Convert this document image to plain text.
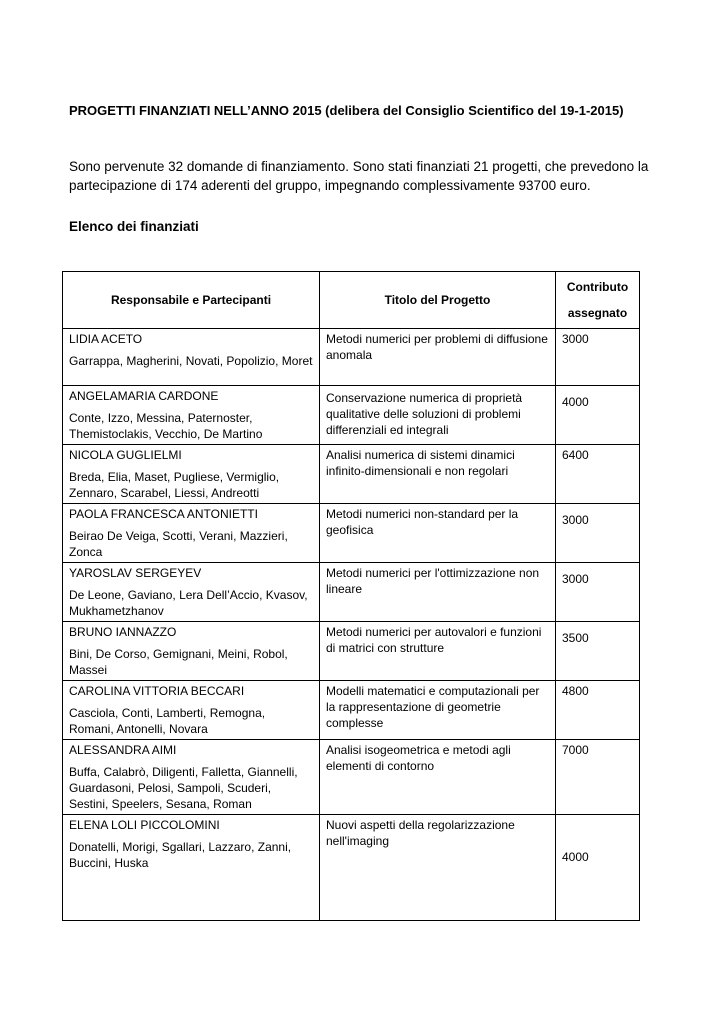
PROGETTI FINANZIATI NELL’ANNO 2015 (delibera del Consiglio Scientifico del 19-1-2015)
Sono pervenute 32 domande di finanziamento. Sono stati finanziati 21 progetti, che prevedono la partecipazione di 174 aderenti del gruppo, impegnando complessivamente 93700 euro.
Elenco dei finanziati
Responsabile e Partecipanti	Titolo del Progetto	Contributo assegnato

LIDIA ACETO
Garrappa, Magherini, Novati, Popolizio, Moret	Metodi numerici per problemi di diffusione anomala	3000

ANGELAMARIA CARDONE
Conte, Izzo, Messina, Paternoster, Themistoclakis, Vecchio, De Martino	Conservazione numerica di proprietà qualitative delle soluzioni di problemi differenziali ed integrali	4000

NICOLA GUGLIELMI
Breda, Elia, Maset, Pugliese, Vermiglio, Zennaro, Scarabel, Liessi, Andreotti	Analisi numerica di sistemi dinamici infinito-dimensionali e non regolari	6400

PAOLA FRANCESCA ANTONIETTI
Beirao De Veiga, Scotti, Verani, Mazzieri, Zonca	Metodi numerici non-standard per la geofisica	3000

YAROSLAV SERGEYEV
De Leone, Gaviano, Lera Dell’Accio, Kvasov, Mukhametzhanov	Metodi numerici per l'ottimizzazione non lineare	3000

BRUNO IANNAZZO
Bini, De Corso, Gemignani, Meini, Robol, Massei	Metodi numerici per autovalori e funzioni di matrici con strutture	3500

CAROLINA VITTORIA BECCARI
Casciola, Conti, Lamberti, Remogna, Romani, Antonelli, Novara	Modelli matematici e computazionali per la rappresentazione di geometrie complesse	4800

ALESSANDRA AIMI
Buffa, Calabrò, Diligenti, Falletta, Giannelli, Guardasoni, Pelosi, Sampoli, Scuderi, Sestini, Speelers, Sesana, Roman	Analisi isogeometrica e metodi agli elementi di contorno	7000

ELENA LOLI PICCOLOMINI
Donatelli, Morigi, Sgallari, Lazzaro, Zanni, Buccini, Huska	Nuovi aspetti della regolarizzazione nell'imaging	4000
